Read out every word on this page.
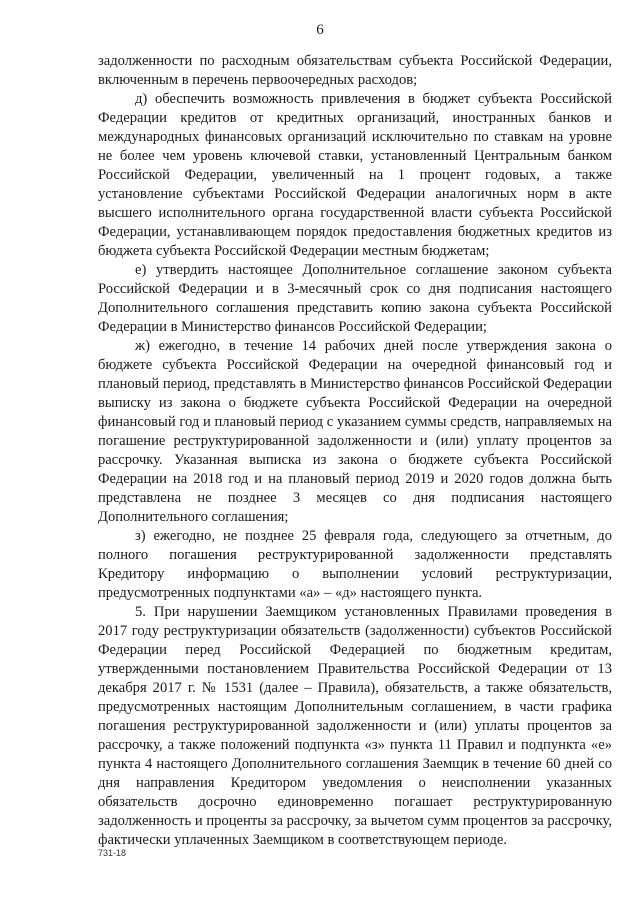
6

задолженности по расходным обязательствам субъекта Российской Федерации, включенным в перечень первоочередных расходов;

д) обеспечить возможность привлечения в бюджет субъекта Российской Федерации кредитов от кредитных организаций, иностранных банков и международных финансовых организаций исключительно по ставкам на уровне не более чем уровень ключевой ставки, установленный Центральным банком Российской Федерации, увеличенный на 1 процент годовых, а также установление субъектами Российской Федерации аналогичных норм в акте высшего исполнительного органа государственной власти субъекта Российской Федерации, устанавливающем порядок предоставления бюджетных кредитов из бюджета субъекта Российской Федерации местным бюджетам;

е) утвердить настоящее Дополнительное соглашение законом субъекта Российской Федерации и в 3-месячный срок со дня подписания настоящего Дополнительного соглашения представить копию закона субъекта Российской Федерации в Министерство финансов Российской Федерации;

ж) ежегодно, в течение 14 рабочих дней после утверждения закона о бюджете субъекта Российской Федерации на очередной финансовый год и плановый период, представлять в Министерство финансов Российской Федерации выписку из закона о бюджете субъекта Российской Федерации на очередной финансовый год и плановый период с указанием суммы средств, направляемых на погашение реструктурированной задолженности и (или) уплату процентов за рассрочку. Указанная выписка из закона о бюджете субъекта Российской Федерации на 2018 год и на плановый период 2019 и 2020 годов должна быть представлена не позднее 3 месяцев со дня подписания настоящего Дополнительного соглашения;

з) ежегодно, не позднее 25 февраля года, следующего за отчетным, до полного погашения реструктурированной задолженности представлять Кредитору информацию о выполнении условий реструктуризации, предусмотренных подпунктами «а» – «д» настоящего пункта.

5. При нарушении Заемщиком установленных Правилами проведения в 2017 году реструктуризации обязательств (задолженности) субъектов Российской Федерации перед Российской Федерацией по бюджетным кредитам, утвержденными постановлением Правительства Российской Федерации от 13 декабря 2017 г. № 1531 (далее – Правила), обязательств, а также обязательств, предусмотренных настоящим Дополнительным соглашением, в части графика погашения реструктурированной задолженности и (или) уплаты процентов за рассрочку, а также положений подпункта «з» пункта 11 Правил и подпункта «е» пункта 4 настоящего Дополнительного соглашения Заемщик в течение 60 дней со дня направления Кредитором уведомления о неисполнении указанных обязательств досрочно единовременно погашает реструктурированную задолженность и проценты за рассрочку, за вычетом сумм процентов за рассрочку, фактически уплаченных Заемщиком в соответствующем периоде.

731-18
